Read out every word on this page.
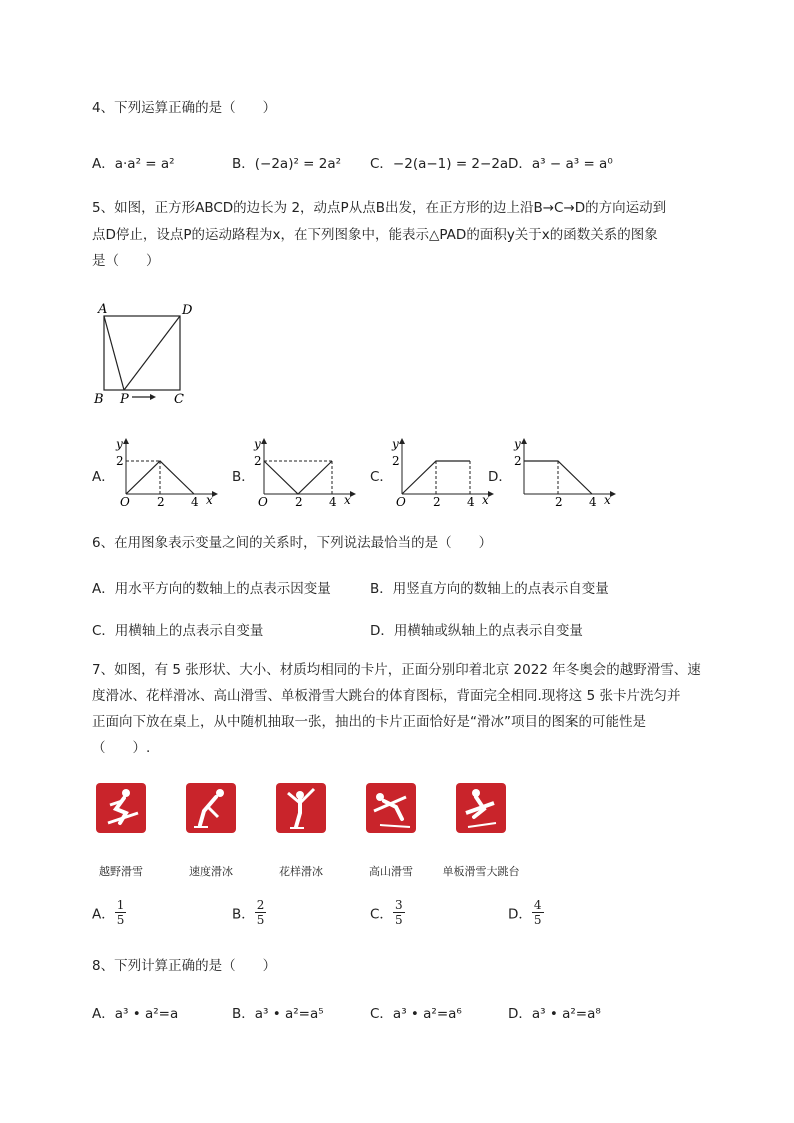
4、下列运算正确的是（　　）
A．a·a² = a²	B．(−2a)² = 2a² C．−2(a−1) = 2−2a D．a³ − a³ = a⁰
5、如图，正方形ABCD的边长为 2，动点P从点B出发，在正方形的边上沿B→C→D的方向运动到
点D停止，设点P的运动路程为x，在下列图象中，能表示△PAD的面积y关于x的函数关系的图象
是（　　）
A	D
B P	C
A．
y
2
O 2 4 x
B．
y
2
O 2 4 x
C．
y
2
O 2 4 x
D．
y
2
2 4 x
6、在用图象表示变量之间的关系时，下列说法最恰当的是（　　）
A．用水平方向的数轴上的点表示因变量	B．用竖直方向的数轴上的点表示自变量
C．用横轴上的点表示自变量	D．用横轴或纵轴上的点表示自变量
7、如图，有 5 张形状、大小、材质均相同的卡片，正面分别印着北京 2022 年冬奥会的越野滑雪、速
度滑冰、花样滑冰、高山滑雪、单板滑雪大跳台的体育图标，背面完全相同.现将这 5 张卡片洗匀并
正面向下放在桌上，从中随机抽取一张，抽出的卡片正面恰好是“滑冰”项目的图案的可能性是
（　　）.
越野滑雪	速度滑冰	花样滑冰	高山滑雪	单板滑雪大跳台
A． $\frac{1}{5}$	B． $\frac{2}{5}$	C． $\frac{3}{5}$	D． $\frac{4}{5}$
8、下列计算正确的是（　　）
A．a³ • a²=a	B．a³ • a²=a⁵	C．a³ • a²=a⁶	D．a³ • a²=a⁸
